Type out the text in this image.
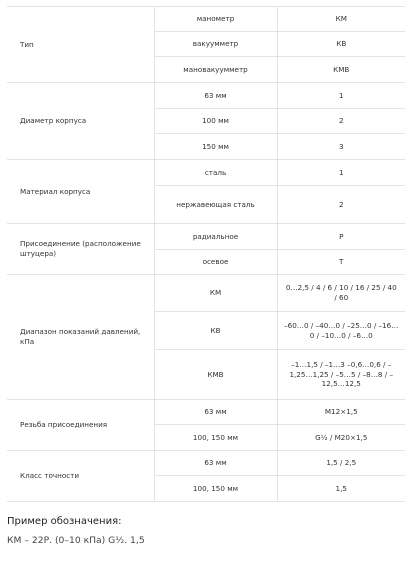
Тип	манометр	КМ
	вакуумметр	КВ
	мановакуумметр	КМВ
Диаметр корпуса	63 мм	1
	100 мм	2
	150 мм	3
Материал корпуса	сталь	1
	нержавеющая сталь	2
Присоединение (расположение штуцера)	радиальное	Р
	осевое	Т
Диапазон показаний давлений, кПа	КМ	0…2,5 / 4 / 6 / 10 / 16 / 25 / 40 / 60
	КВ	–60…0 / –40…0 / –25…0 / –16…0 / –10…0 / –6…0
	КМВ	–1…1,5 / –1…3 –0,6…0,6 / –1,25…1,25 / –5…5 / –8…8 / –12,5…12,5
Резьба присоединения	63 мм	M12×1,5
	100, 150 мм	G½ / M20×1,5
Класс точности	63 мм	1,5 / 2,5
	100, 150 мм	1,5
Пример обозначения:
КМ – 22Р. (0–10 кПа) G½. 1,5
